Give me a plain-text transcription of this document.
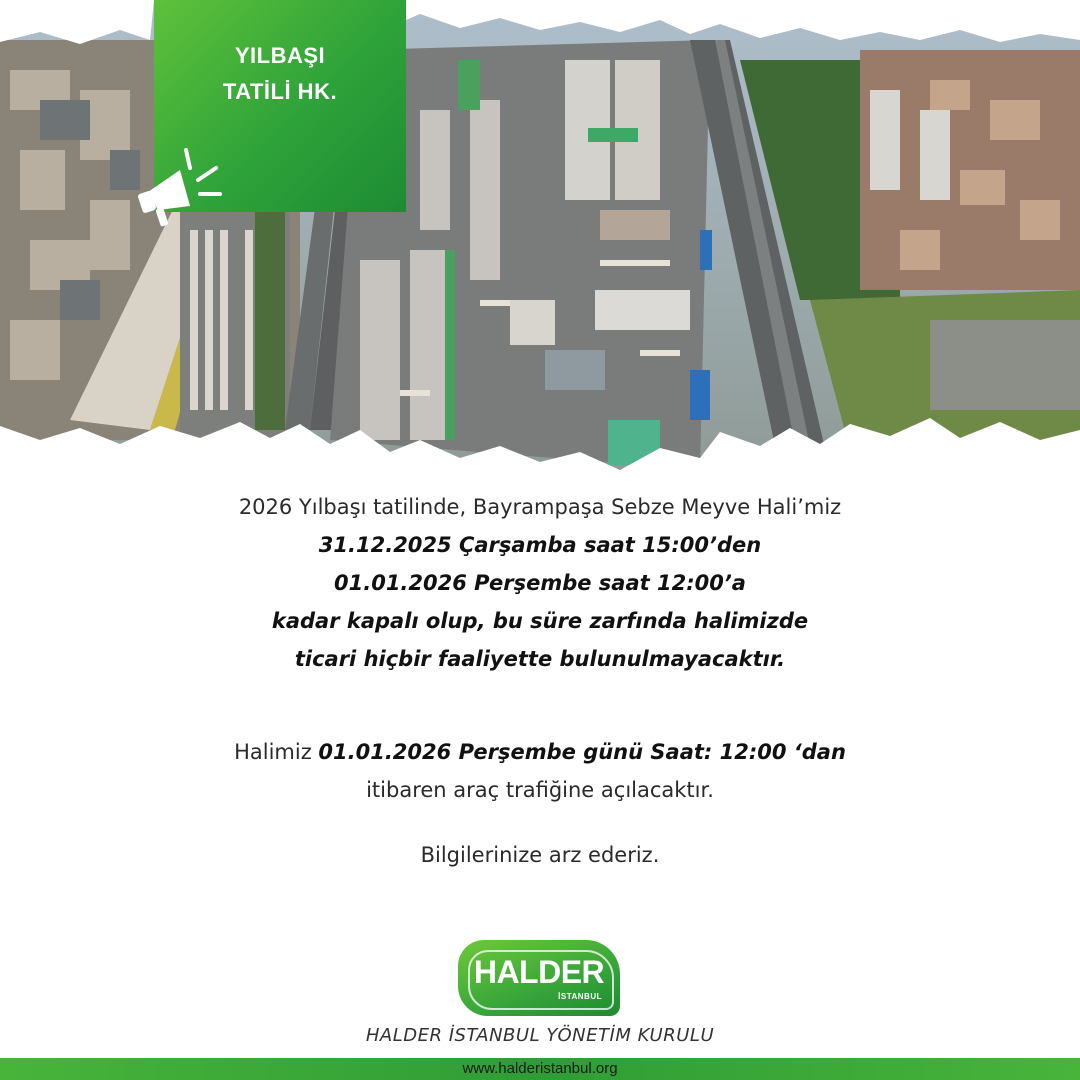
YILBAŞI
TATİLİ HK.
2026 Yılbaşı tatilinde, Bayrampaşa Sebze Meyve Hali’miz
31.12.2025 Çarşamba saat 15:00’den
01.01.2026 Perşembe saat 12:00’a
kadar kapalı olup, bu süre zarfında halimizde
ticari hiçbir faaliyette bulunulmayacaktır.
Halimiz 01.01.2026 Perşembe günü Saat: 12:00 ‘dan
itibaren araç trafiğine açılacaktır.
Bilgilerinize arz ederiz.
HALDER
İSTANBUL
HALDER İSTANBUL YÖNETİM KURULU
www.halderistanbul.org
